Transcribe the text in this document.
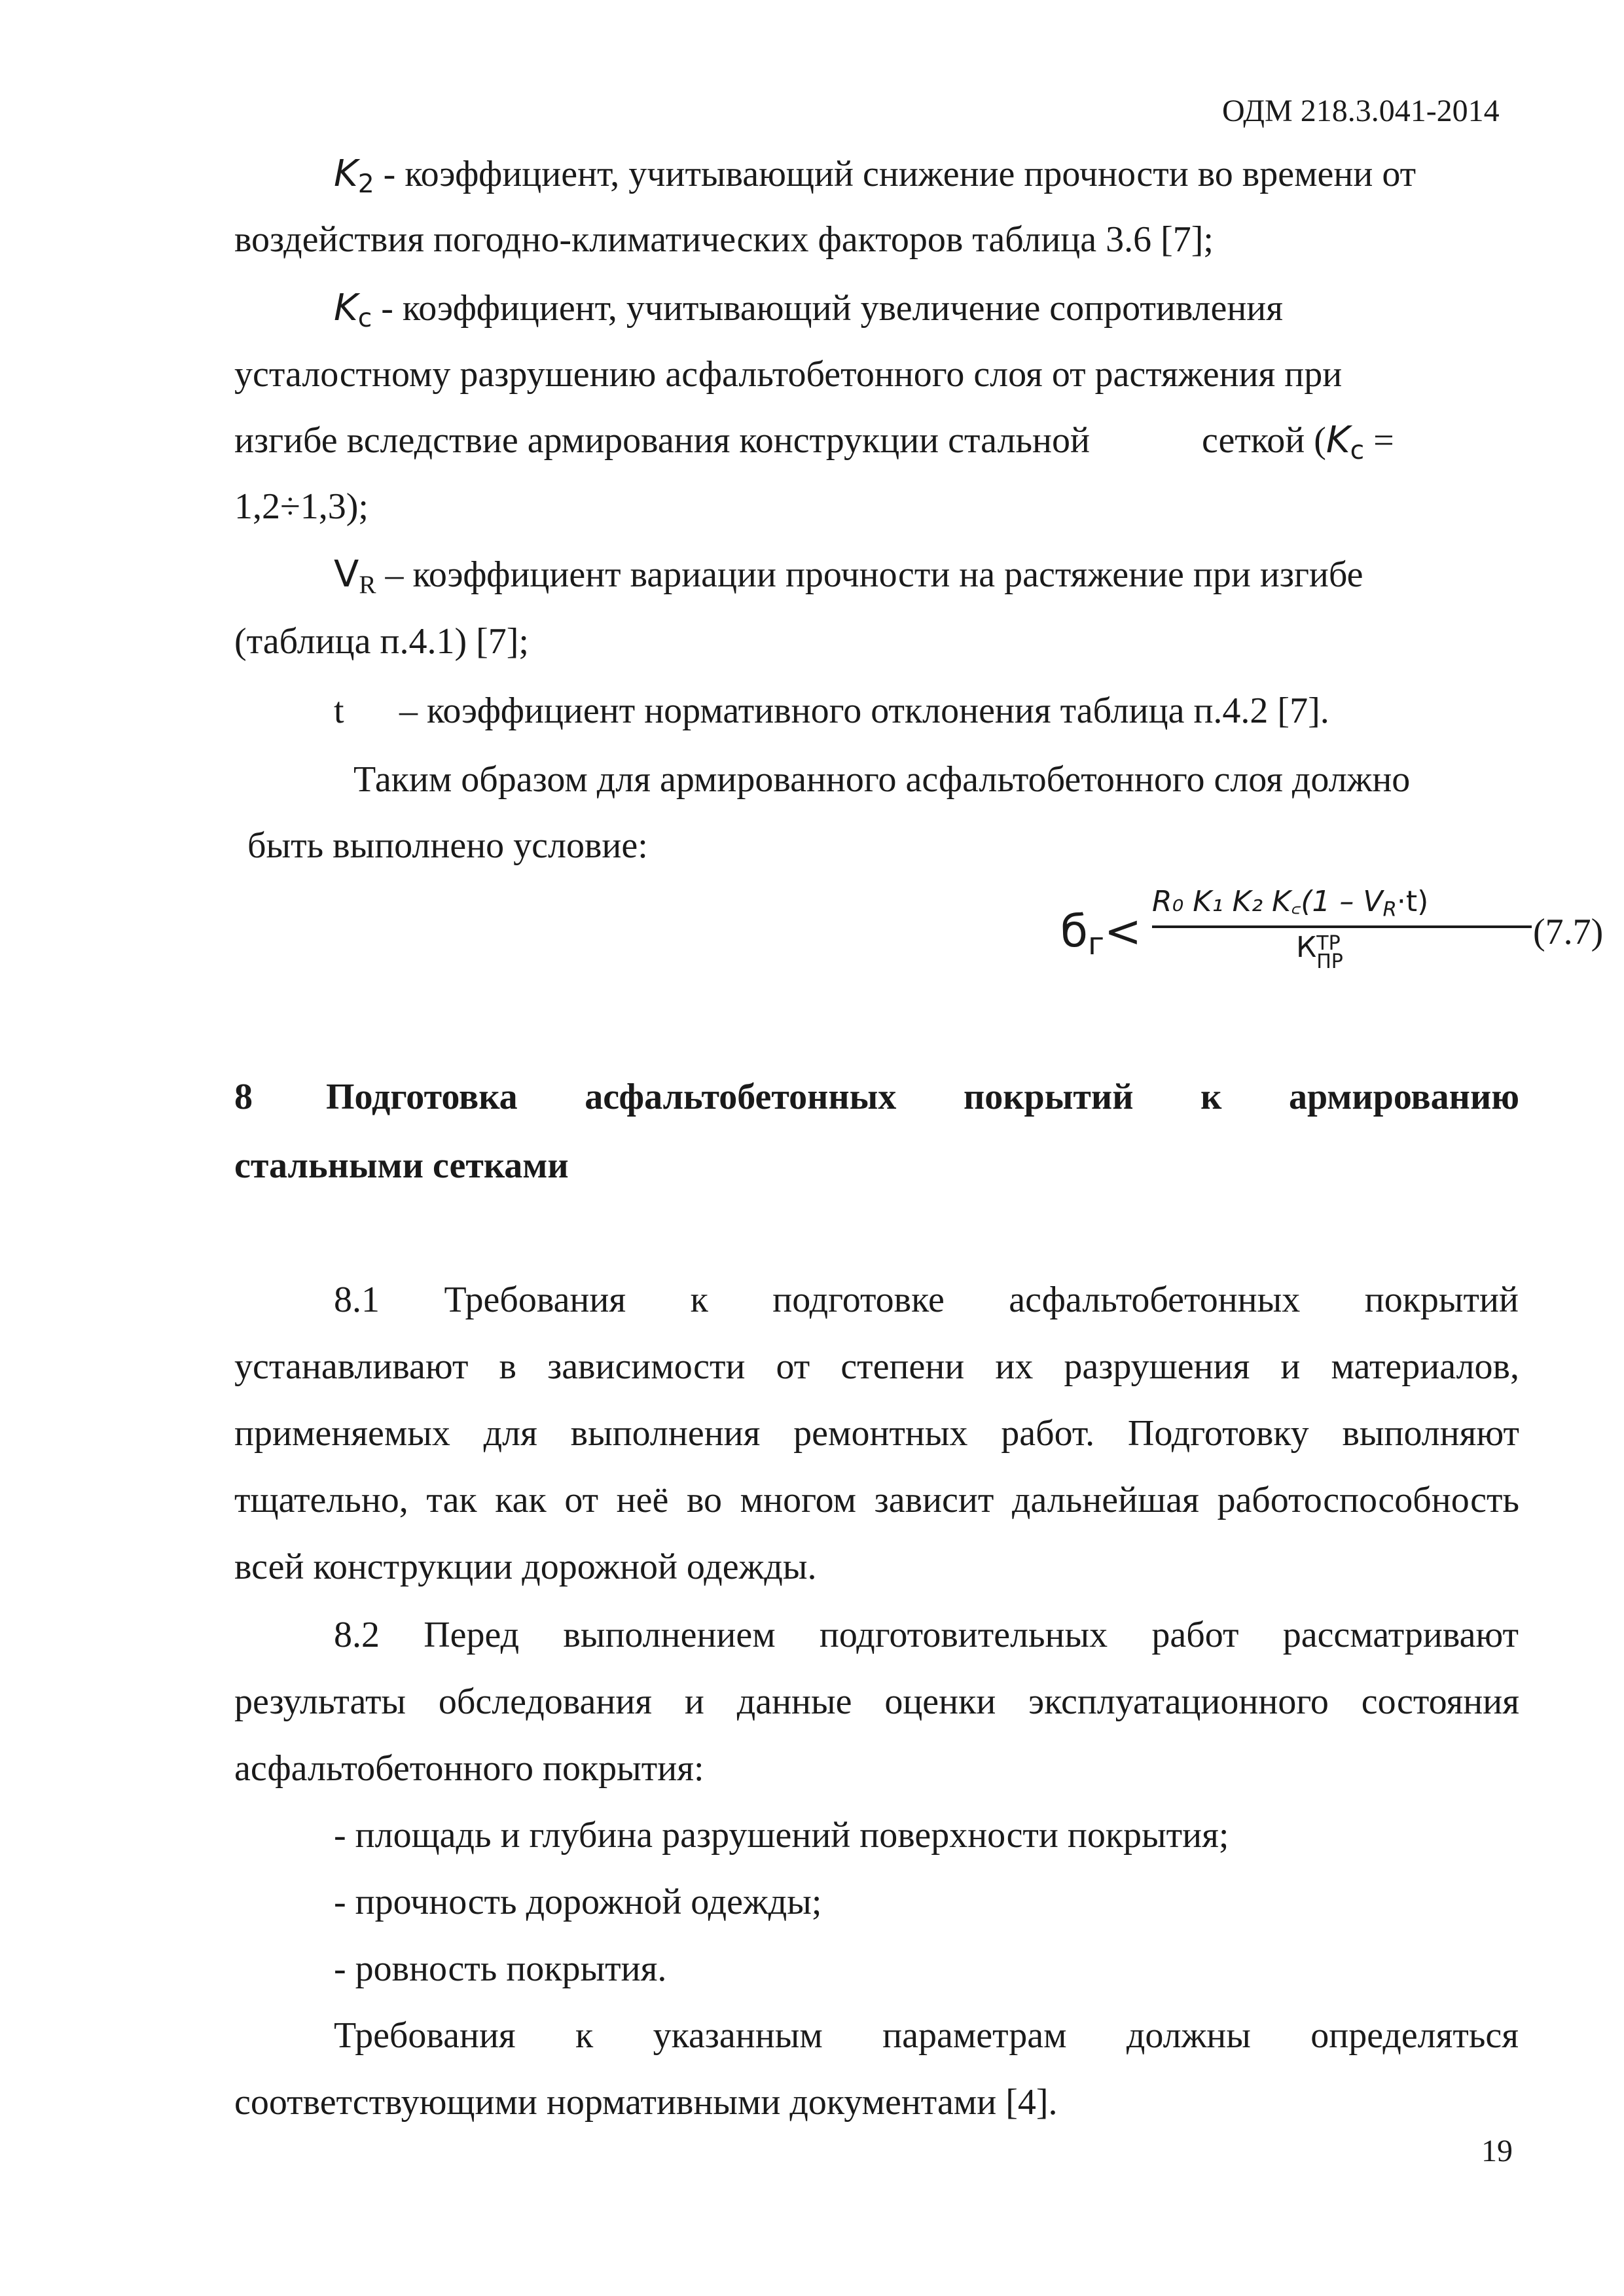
ОДМ 218.3.041-2014
$K_2$ - коэффициент, учитывающий снижение прочности во времени от
воздействия погодно-климатических факторов таблица 3.6 [7];
$K_c$ - коэффициент, учитывающий увеличение сопротивления
усталостному разрушению асфальтобетонного слоя от растяжения при
изгибе вследствие армирования конструкции стальной	сеткой ($K_c$ =
1,2÷1,3);
$V_R$ – коэффициент вариации прочности на растяжение при изгибе
(таблица п.4.1) [7];
t – коэффициент нормативного отклонения таблица п.4.2 [7].
Таким образом для армированного асфальтобетонного слоя должно
быть выполнено условие:
$б_г<$
R₀ K₁ K₂ K꜀(1 – $V_R\cdot t$)
К ТР
ПР
(7.7)
8 Подготовка асфальтобетонных покрытий к армированию
стальными сетками
8.1 Требования к подготовке асфальтобетонных покрытий
устанавливают в зависимости от степени их разрушения и материалов,
применяемых для выполнения ремонтных работ. Подготовку выполняют
тщательно, так как от неё во многом зависит дальнейшая работоспособность
всей конструкции дорожной одежды.
8.2 Перед выполнением подготовительных работ рассматривают
результаты обследования и данные оценки эксплуатационного состояния
асфальтобетонного покрытия:
- площадь и глубина разрушений поверхности покрытия;
- прочность дорожной одежды;
- ровность покрытия.
Требования к указанным параметрам должны определяться
соответствующими нормативными документами [4].
19
